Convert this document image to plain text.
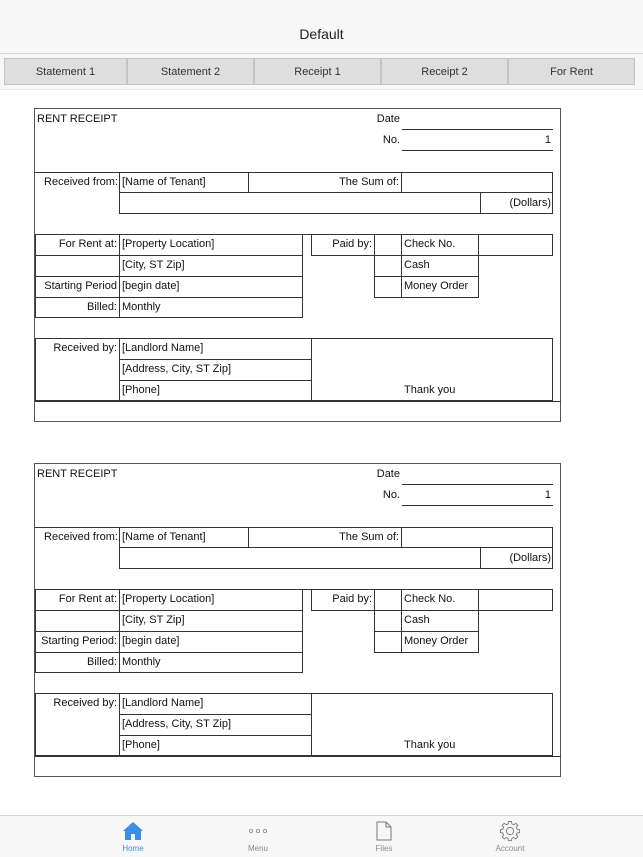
Default
Statement 1	Statement 2	Receipt 1	Receipt 2	For Rent
RENT RECEIPT	Date
No.	1
Received from: [Name of Tenant]	The Sum of:
(Dollars)
For Rent at: [Property Location]
[City, ST Zip]
Starting Period [begin date]
Billed: Monthly
Paid by:	Check No.
Cash
Money Order
Received by: [Landlord Name]
[Address, City, ST Zip]
[Phone]	Thank you
RENT RECEIPT	Date
No.	1
Received from: [Name of Tenant]	The Sum of:
(Dollars)
For Rent at: [Property Location]
[City, ST Zip]
Starting Period: [begin date]
Billed: Monthly
Paid by:	Check No.
Cash
Money Order
Received by: [Landlord Name]
[Address, City, ST Zip]
[Phone]	Thank you
Home	Menu	Files	Account
